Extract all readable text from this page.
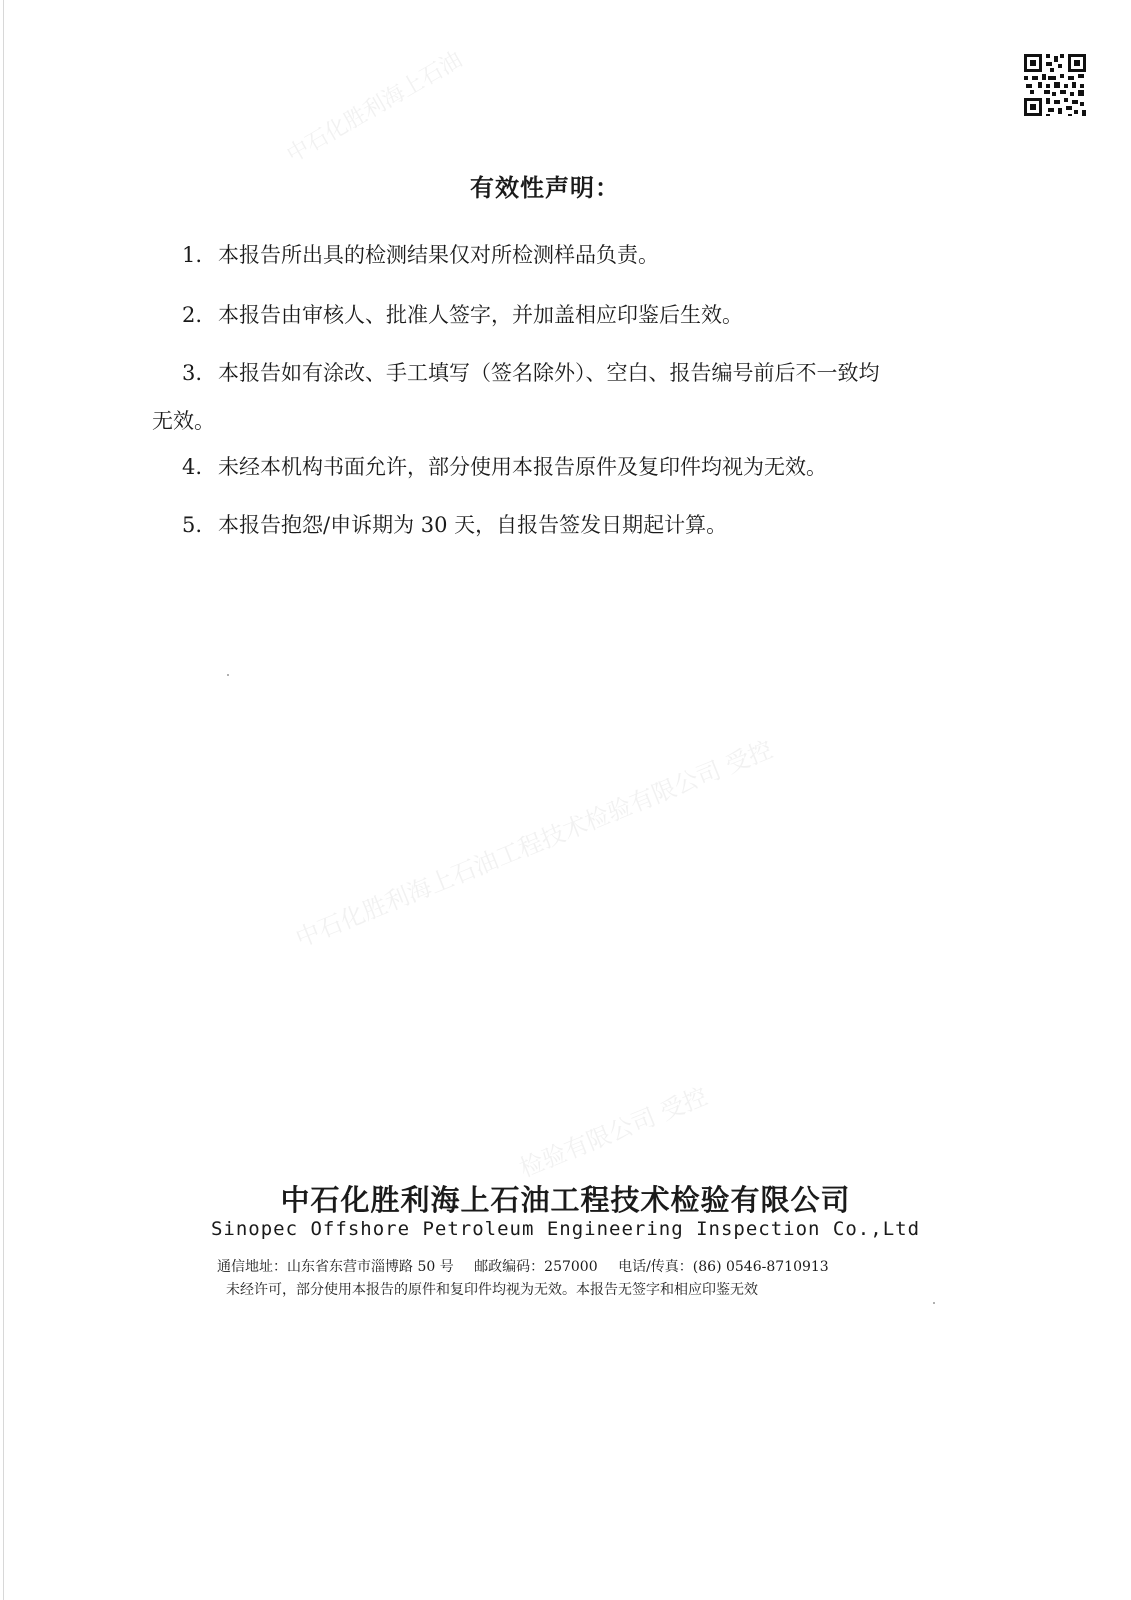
中石化胜利海上石油
中石化胜利海上石油工程技术检验有限公司 受控
检验有限公司 受控
有效性声明：
1. 本报告所出具的检测结果仅对所检测样品负责。
2. 本报告由审核人、批准人签字，并加盖相应印鉴后生效。
3. 本报告如有涂改、手工填写（签名除外）、空白、报告编号前后不一致均
无效。
4. 未经本机构书面允许，部分使用本报告原件及复印件均视为无效。
5. 本报告抱怨/申诉期为 30 天，自报告签发日期起计算。
中石化胜利海上石油工程技术检验有限公司
Sinopec Offshore Petroleum Engineering Inspection Co.,Ltd
通信地址：山东省东营市淄博路 50 号 邮政编码：257000 电话/传真：(86) 0546-8710913
未经许可，部分使用本报告的原件和复印件均视为无效。本报告无签字和相应印鉴无效
